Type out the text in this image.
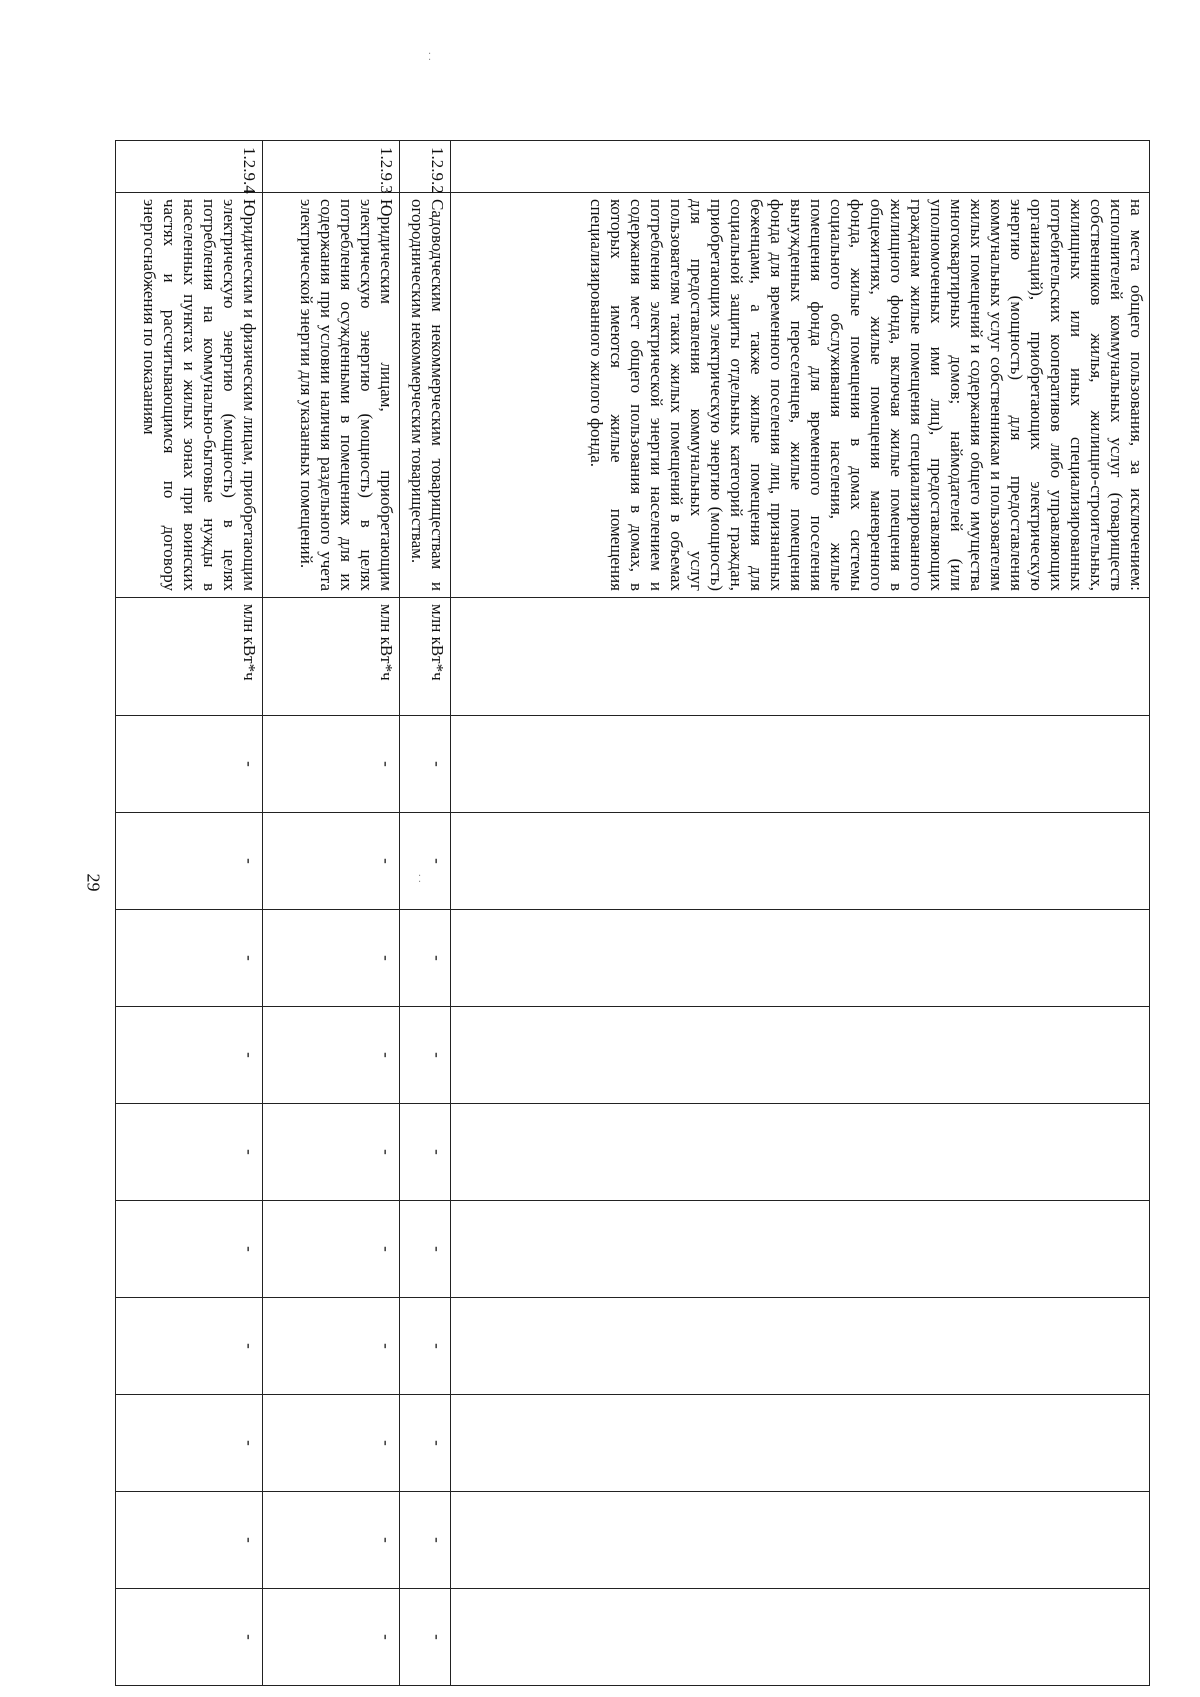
29
	на места общего пользования, за исключением: исполнителей коммунальных услуг (товариществ собственников жилья, жилищно-строительных, жилищных или иных специализированных потребительских кооперативов либо управляющих организаций), приобретающих электрическую энергию (мощность) для предоставления коммунальных услуг собственникам и пользователям жилых помещений и содержания общего имущества многоквартирных домов; наймодателей (или уполномоченных ими лиц), предоставляющих гражданам жилые помещения специализированного жилищного фонда, включая жилые помещения в общежитиях, жилые помещения маневренного фонда, жилые помещения в домах системы социального обслуживания населения, жилые помещения фонда для временного поселения вынужденных переселенцев, жилые помещения фонда для временного поселения лиц, признанных беженцами, а также жилые помещения для социальной защиты отдельных категорий граждан, приобретающих электрическую энергию (мощность) для предоставления коммунальных услуг пользователям таких жилых помещений в объемах потребления электрической энергии населением и содержания мест общего пользования в домах, в которых имеются жилые помещения специализированного жилого фонда.											
1.2.9.2	Садоводческим некоммерческим товариществам и огородническим некоммерческим товариществам.	млн кВт*ч	-	-	-	-	-	-	-	-	-	-
1.2.9.3	Юридическим лицам, приобретающим электрическую энергию (мощность) в целях потребления осужденными в помещениях для их содержания при условии наличия раздельного учета электрической энергии для указанных помещений.	млн кВт*ч	-	-	-	-	-	-	-	-	-	-
1.2.9.4	Юридическим и физическим лицам, приобретающим электрическую энергию (мощность) в целях потребления на коммунально-бытовые нужды в населенных пунктах и жилых зонах при воинских частях и рассчитывающимся по договору энергоснабжения по показаниям	млн кВт*ч	-	-	-	-	-	-	-	-	-	-
⁚
⁚
